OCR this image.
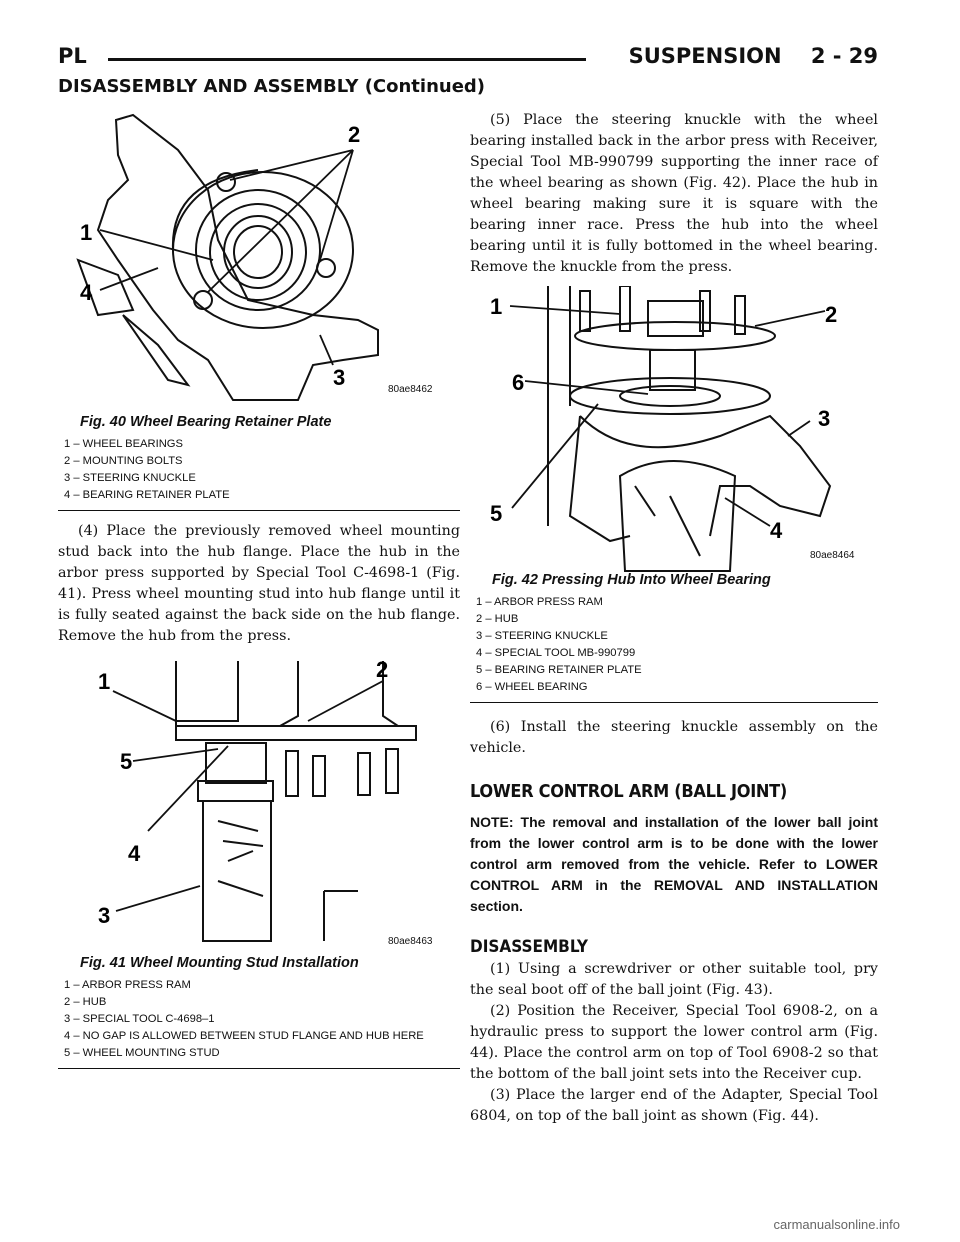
PL	SUSPENSION    2 - 29
DISASSEMBLY AND ASSEMBLY (Continued)
2
1
4
3	80ae8462
Fig. 40 Wheel Bearing Retainer Plate
1 – WHEEL BEARINGS
2 – MOUNTING BOLTS
3 – STEERING KNUCKLE
4 – BEARING RETAINER PLATE

(4) Place the previously removed wheel mounting stud back into the hub flange. Place the hub in the arbor press supported by Special Tool C-4698-1 (Fig. 41). Press wheel mounting stud into hub flange until it is fully seated against the back side on the hub flange. Remove the hub from the press.

1	2
5
4
3
80ae8463
Fig. 41 Wheel Mounting Stud Installation
1 – ARBOR PRESS RAM
2 – HUB
3 – SPECIAL TOOL C-4698–1
4 – NO GAP IS ALLOWED BETWEEN STUD FLANGE AND HUB HERE
5 – WHEEL MOUNTING STUD

(5) Place the steering knuckle with the wheel bearing installed back in the arbor press with Receiver, Special Tool MB-990799 supporting the inner race of the wheel bearing as shown (Fig. 42). Place the hub in wheel bearing making sure it is square with the bearing inner race. Press the hub into the wheel bearing until it is fully bottomed in the wheel bearing. Remove the knuckle from the press.

1	2
6
3
5
4
80ae8464
Fig. 42 Pressing Hub Into Wheel Bearing
1 – ARBOR PRESS RAM
2 – HUB
3 – STEERING KNUCKLE
4 – SPECIAL TOOL MB-990799
5 – BEARING RETAINER PLATE
6 – WHEEL BEARING

(6) Install the steering knuckle assembly on the vehicle.

LOWER CONTROL ARM (BALL JOINT)

NOTE: The removal and installation of the lower ball joint from the lower control arm is to be done with the lower control arm removed from the vehicle. Refer to LOWER CONTROL ARM in the REMOVAL AND INSTALLATION section.

DISASSEMBLY

(1) Using a screwdriver or other suitable tool, pry the seal boot off of the ball joint (Fig. 43).

(2) Position the Receiver, Special Tool 6908-2, on a hydraulic press to support the lower control arm (Fig. 44). Place the control arm on top of Tool 6908-2 so that the bottom of the ball joint sets into the Receiver cup.

(3) Place the larger end of the Adapter, Special Tool 6804, on top of the ball joint as shown (Fig. 44).

carmanualsonline.info
